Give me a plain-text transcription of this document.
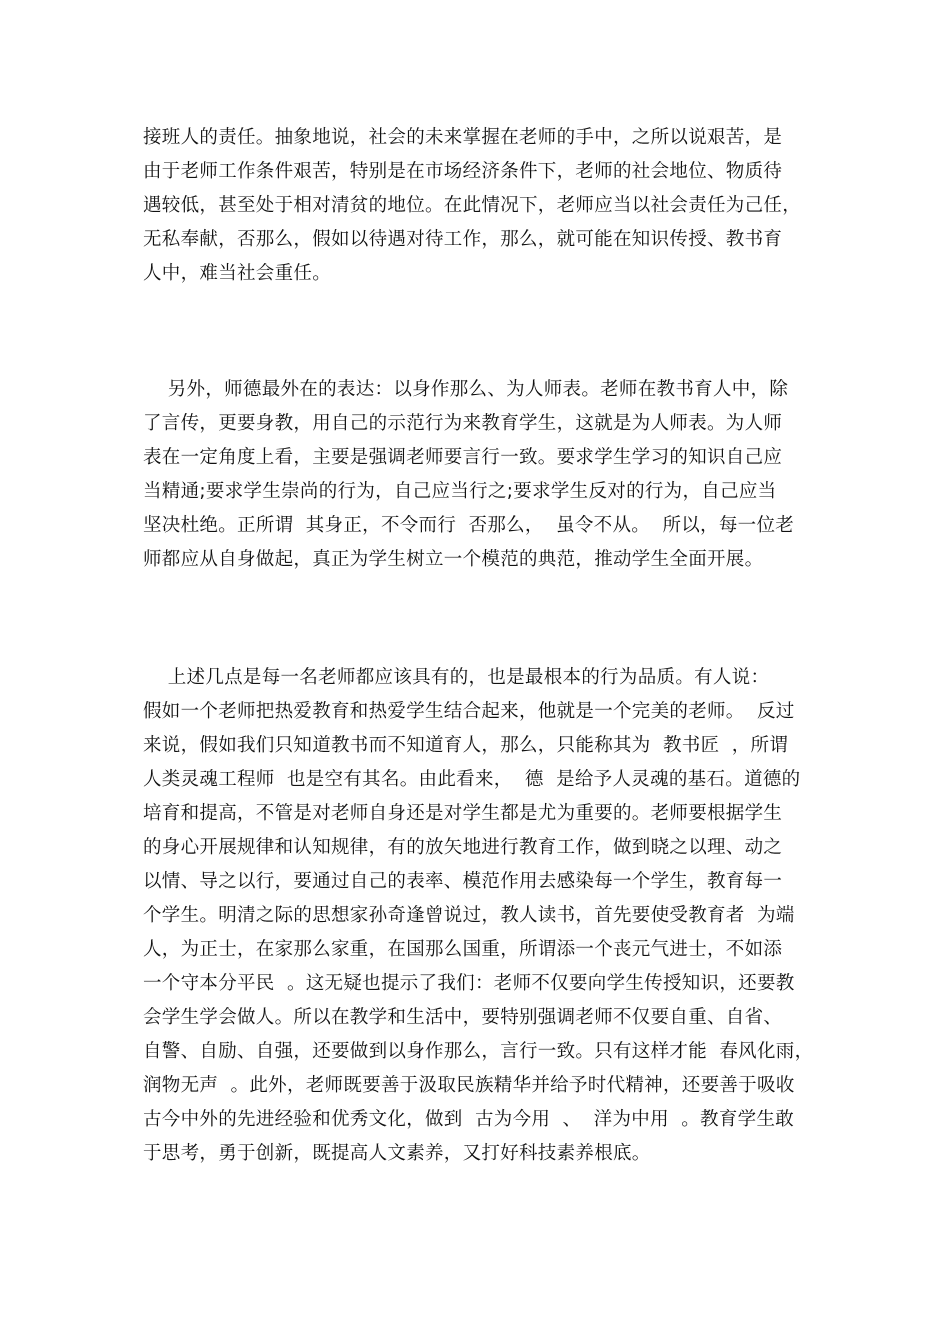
接班人的责任。抽象地说，社会的未来掌握在老师的手中，之所以说艰苦，是
由于老师工作条件艰苦，特别是在市场经济条件下，老师的社会地位、物质待
遇较低，甚至处于相对清贫的地位。在此情况下，老师应当以社会责任为己任，
无私奉献，否那么，假如以待遇对待工作，那么，就可能在知识传授、教书育
人中，难当社会重任。
另外，师德最外在的表达：以身作那么、为人师表。老师在教书育人中，除
了言传，更要身教，用自己的示范行为来教育学生，这就是为人师表。为人师
表在一定角度上看，主要是强调老师要言行一致。要求学生学习的知识自己应
当精通;要求学生崇尚的行为，自己应当行之;要求学生反对的行为，自己应当
坚决杜绝。正所谓  其身正，不令而行  否那么，  虽令不从。  所以，每一位老
师都应从自身做起，真正为学生树立一个模范的典范，推动学生全面开展。
上述几点是每一名老师都应该具有的，也是最根本的行为品质。有人说：
假如一个老师把热爱教育和热爱学生结合起来，他就是一个完美的老师。  反过
来说，假如我们只知道教书而不知道育人，那么，只能称其为  教书匠  ，所谓
人类灵魂工程师  也是空有其名。由此看来，  德  是给予人灵魂的基石。道德的
培育和提高，不管是对老师自身还是对学生都是尤为重要的。老师要根据学生
的身心开展规律和认知规律，有的放矢地进行教育工作，做到晓之以理、动之
以情、导之以行，要通过自己的表率、模范作用去感染每一个学生，教育每一
个学生。明清之际的思想家孙奇逢曾说过，教人读书，首先要使受教育者  为端
人，为正士，在家那么家重，在国那么国重，所谓添一个丧元气进士，不如添
一个守本分平民  。这无疑也提示了我们：老师不仅要向学生传授知识，还要教
会学生学会做人。所以在教学和生活中，要特别强调老师不仅要自重、自省、
自警、自励、自强，还要做到以身作那么，言行一致。只有这样才能  春风化雨，
润物无声  。此外，老师既要善于汲取民族精华并给予时代精神，还要善于吸收
古今中外的先进经验和优秀文化，做到  古为今用  、  洋为中用  。教育学生敢
于思考，勇于创新，既提高人文素养，又打好科技素养根底。
